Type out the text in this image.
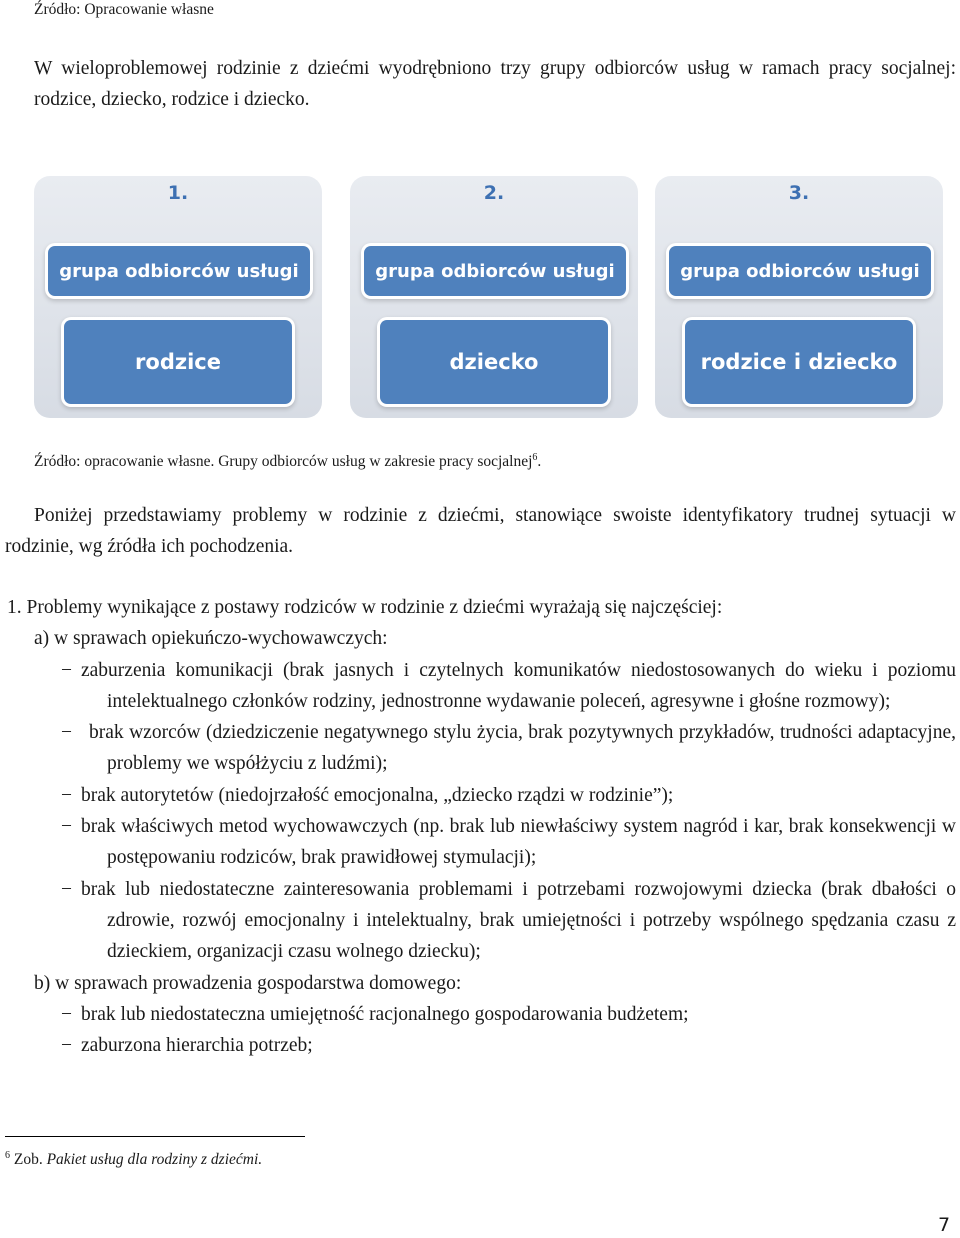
Źródło: Opracowanie własne
W wieloproblemowej rodzinie z dziećmi wyodrębniono trzy grupy odbiorców usług w ramach pracy socjalnej: rodzice, dziecko, rodzice i dziecko.
1.
grupa odbiorców usługi
rodzice
2.
grupa odbiorców usługi
dziecko
3.
grupa odbiorców usługi
rodzice i dziecko
Źródło: opracowanie własne. Grupy odbiorców usług w zakresie pracy socjalnej$^6$.
Poniżej przedstawiamy problemy w rodzinie z dziećmi, stanowiące swoiste identyfikatory trudnej sytuacji w rodzinie, wg źródła ich pochodzenia.

1. Problemy wynikające z postawy rodziców w rodzinie z dziećmi wyrażają się najczęściej:

a) w sprawach opiekuńczo-wychowawczych:

− zaburzenia komunikacji (brak jasnych i czytelnych komunikatów niedostosowanych do wieku i poziomu intelektualnego członków rodziny, jednostronne wydawanie poleceń, agresywne i głośne rozmowy);

− brak wzorców (dziedziczenie negatywnego stylu życia, brak pozytywnych przykładów, trudności adaptacyjne, problemy we współżyciu z ludźmi);

− brak autorytetów (niedojrzałość emocjonalna, „dziecko rządzi w rodzinie”);

− brak właściwych metod wychowawczych (np. brak lub niewłaściwy system nagród i kar, brak konsekwencji w postępowaniu rodziców, brak prawidłowej stymulacji);

− brak lub niedostateczne zainteresowania problemami i potrzebami rozwojowymi dziecka (brak dbałości o zdrowie, rozwój emocjonalny i intelektualny, brak umiejętności i potrzeby wspólnego spędzania czasu z dzieckiem, organizacji czasu wolnego dziecku);

b) w sprawach prowadzenia gospodarstwa domowego:

− brak lub niedostateczna umiejętność racjonalnego gospodarowania budżetem;

− zaburzona hierarchia potrzeb;

$^6$ Zob. Pakiet usług dla rodziny z dziećmi.
7
